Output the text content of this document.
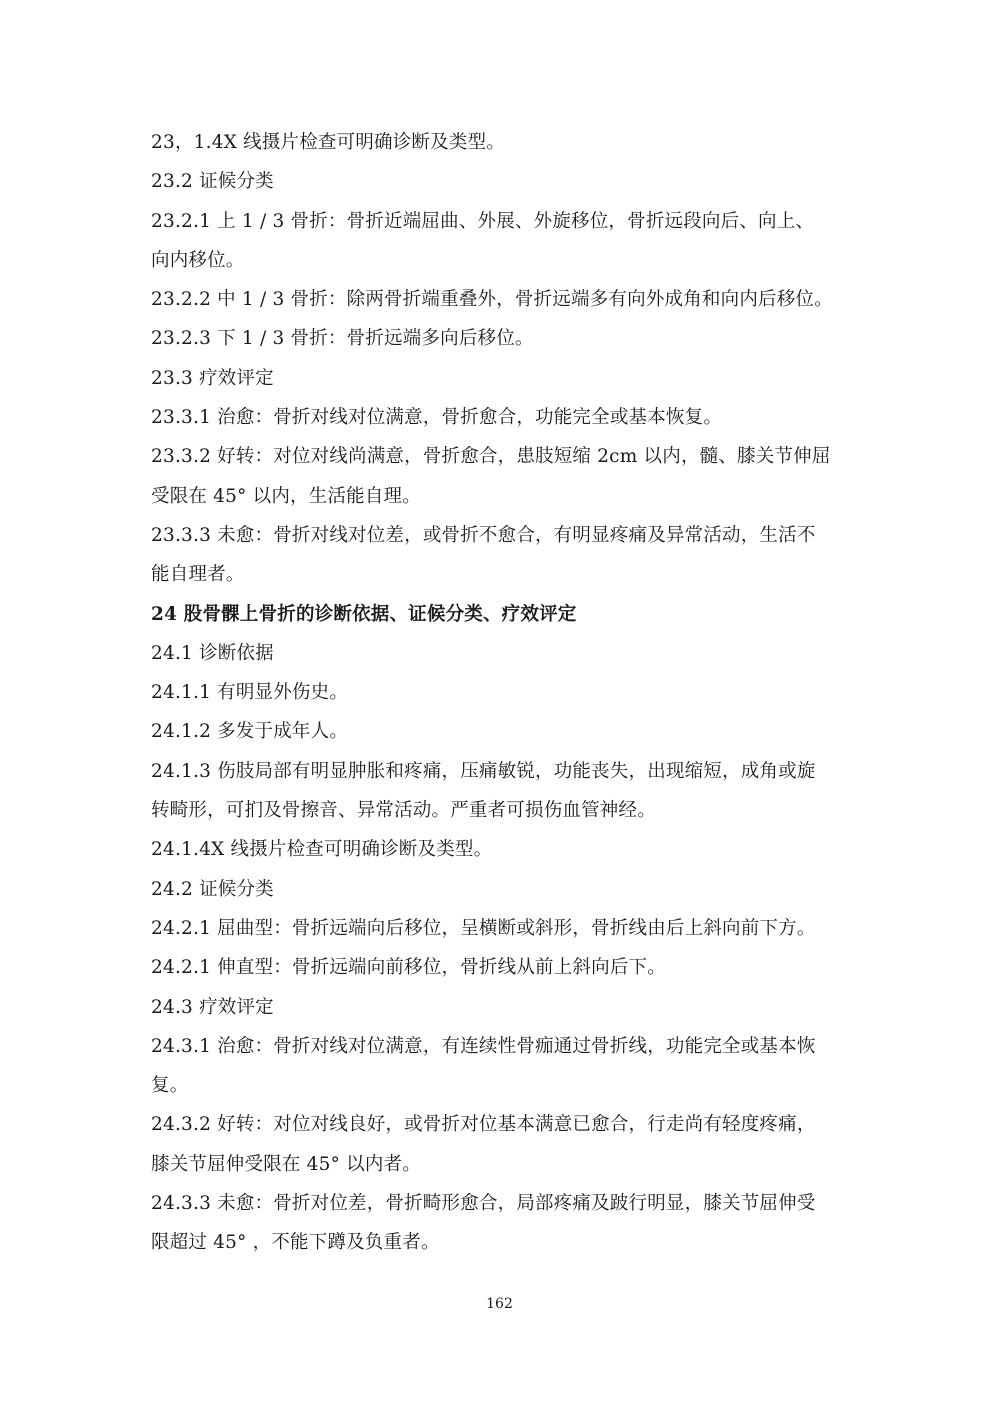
23，1.4X 线摄片检查可明确诊断及类型。
23.2 证候分类
23.2.1 上 1 / 3 骨折：骨折近端屈曲、外展、外旋移位，骨折远段向后、向上、
向内移位。
23.2.2 中 1 / 3 骨折：除两骨折端重叠外，骨折远端多有向外成角和向内后移位。
23.2.3 下 1 / 3 骨折：骨折远端多向后移位。
23.3 疗效评定
23.3.1 治愈：骨折对线对位满意，骨折愈合，功能完全或基本恢复。
23.3.2 好转：对位对线尚满意，骨折愈合，患肢短缩 2cm 以内，髓、膝关节伸屈
受限在 45° 以内，生活能自理。
23.3.3 未愈：骨折对线对位差，或骨折不愈合，有明显疼痛及异常活动，生活不
能自理者。
24 股骨髁上骨折的诊断依据、证候分类、疗效评定
24.1 诊断依据
24.1.1 有明显外伤史。
24.1.2 多发于成年人。
24.1.3 伤肢局部有明显肿胀和疼痛，压痛敏锐，功能丧失，出现缩短，成角或旋
转畸形，可扪及骨擦音、异常活动。严重者可损伤血管神经。
24.1.4X 线摄片检查可明确诊断及类型。
24.2 证候分类
24.2.1 屈曲型：骨折远端向后移位，呈横断或斜形，骨折线由后上斜向前下方。
24.2.1 伸直型：骨折远端向前移位，骨折线从前上斜向后下。
24.3 疗效评定
24.3.1 治愈：骨折对线对位满意，有连续性骨痂通过骨折线，功能完全或基本恢
复。
24.3.2 好转：对位对线良好，或骨折对位基本满意已愈合，行走尚有轻度疼痛，
膝关节屈伸受限在 45° 以内者。
24.3.3 未愈：骨折对位差，骨折畸形愈合，局部疼痛及跛行明显，膝关节屈伸受
限超过 45° ，不能下蹲及负重者。
162
